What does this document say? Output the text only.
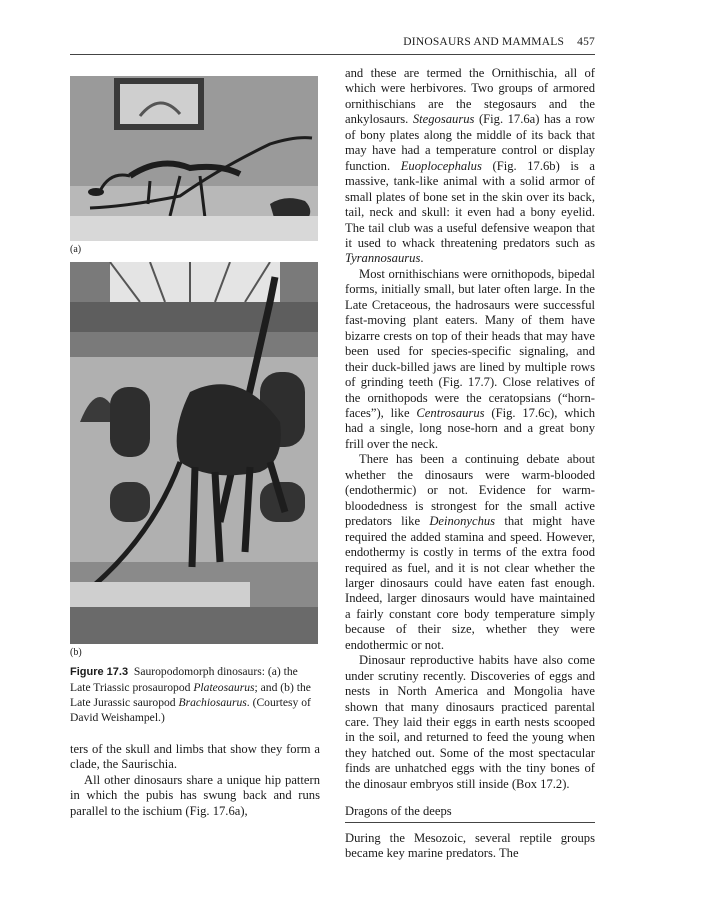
DINOSAURS AND MAMMALS 457
(a)
(b)
Figure 17.3 Sauropodomorph dinosaurs: (a) the Late Triassic prosauropod Plateosaurus; and (b) the Late Jurassic sauropod Brachiosaurus. (Courtesy of David Weishampel.)

ters of the skull and limbs that show they form a clade, the Saurischia.

All other dinosaurs share a unique hip pattern in which the pubis has swung back and runs parallel to the ischium (Fig. 17.6a),

and these are termed the Ornithischia, all of which were herbivores. Two groups of armored ornithischians are the stegosaurs and the ankylosaurs. Stegosaurus (Fig. 17.6a) has a row of bony plates along the middle of its back that may have had a temperature control or display function. Euoplocephalus (Fig. 17.6b) is a massive, tank-like animal with a solid armor of small plates of bone set in the skin over its back, tail, neck and skull: it even had a bony eyelid. The tail club was a useful defensive weapon that it used to whack threatening predators such as Tyrannosaurus.

Most ornithischians were ornithopods, bipedal forms, initially small, but later often large. In the Late Cretaceous, the hadrosaurs were successful fast-moving plant eaters. Many of them have bizarre crests on top of their heads that may have been used for species-specific signaling, and their duck-billed jaws are lined by multiple rows of grinding teeth (Fig. 17.7). Close relatives of the ornithopods were the ceratopsians (“horn-faces”), like Centrosaurus (Fig. 17.6c), which had a single, long nose-horn and a great bony frill over the neck.

There has been a continuing debate about whether the dinosaurs were warm-blooded (endothermic) or not. Evidence for warm-bloodedness is strongest for the small active predators like Deinonychus that might have required the added stamina and speed. However, endothermy is costly in terms of the extra food required as fuel, and it is not clear whether the larger dinosaurs could have eaten fast enough. Indeed, larger dinosaurs would have maintained a fairly constant core body temperature simply because of their size, whether they were endothermic or not.

Dinosaur reproductive habits have also come under scrutiny recently. Discoveries of eggs and nests in North America and Mongolia have shown that many dinosaurs practiced parental care. They laid their eggs in earth nests scooped in the soil, and returned to feed the young when they hatched out. Some of the most spectacular finds are unhatched eggs with the tiny bones of the dinosaur embryos still inside (Box 17.2).

Dragons of the deeps

During the Mesozoic, several reptile groups became key marine predators. The
